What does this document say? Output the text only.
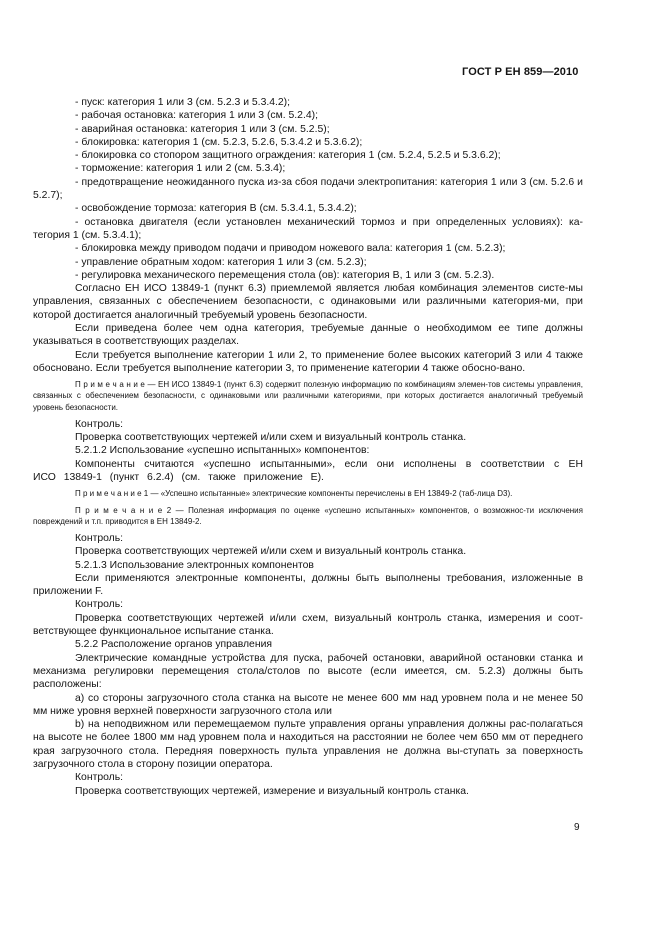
ГОСТ Р ЕН 859—2010

- пуск: категория 1 или 3 (см. 5.2.3 и 5.3.4.2);

- рабочая остановка: категория 1 или 3 (см. 5.2.4);

- аварийная остановка: категория 1 или 3 (см. 5.2.5);

- блокировка: категория 1 (см. 5.2.3, 5.2.6, 5.3.4.2 и 5.3.6.2);

- блокировка со стопором защитного ограждения: категория 1 (см. 5.2.4, 5.2.5 и 5.3.6.2);

- торможение: категория 1 или 2 (см. 5.3.4);

- предотвращение неожиданного пуска из-за сбоя подачи электропитания: категория 1 или 3 (см. 5.2.6 и 5.2.7);

- освобождение тормоза: категория В (см. 5.3.4.1, 5.3.4.2);

- остановка двигателя (если установлен механический тормоз и при определенных условиях): ка-тегория 1 (см. 5.3.4.1);

- блокировка между приводом подачи и приводом ножевого вала: категория 1 (см. 5.2.3);

- управление обратным ходом: категория 1 или 3 (см. 5.2.3);

- регулировка механического перемещения стола (ов): категория В, 1 или 3 (см. 5.2.3).

Согласно ЕН ИСО 13849-1 (пункт 6.3) приемлемой является любая комбинация элементов систе-мы управления, связанных с обеспечением безопасности, с одинаковыми или различными категория-ми, при которой достигается аналогичный требуемый уровень безопасности.

Если приведена более чем одна категория, требуемые данные о необходимом ее типе должны указываться в соответствующих разделах.

Если требуется выполнение категории 1 или 2, то применение более высоких категорий 3 или 4 также обосновано. Если требуется выполнение категории 3, то применение категории 4 также обосно-вано.

П р и м е ч а н и е — ЕН ИСО 13849-1 (пункт 6.3) содержит полезную информацию по комбинациям элемен-тов системы управления, связанных с обеспечением безопасности, с одинаковыми или различными категориями, при которых достигается аналогичный требуемый уровень безопасности.

Контроль:

Проверка соответствующих чертежей и/или схем и визуальный контроль станка.

5.2.1.2 Использование «успешно испытанных» компонентов:

Компоненты считаются «успешно испытанными», если они исполнены в соответствии с ЕН ИСО 13849-1 (пункт 6.2.4) (см. также приложение Е).

П р и м е ч а н и е 1 — «Успешно испытанные» электрические компоненты перечислены в ЕН 13849-2 (таб-лица D3).

П р и м е ч а н и е 2 — Полезная информация по оценке «успешно испытанных» компонентов, о возможнос-ти исключения повреждений и т.п. приводится в ЕН 13849-2.

Контроль:

Проверка соответствующих чертежей и/или схем и визуальный контроль станка.

5.2.1.3 Использование электронных компонентов

Если применяются электронные компоненты, должны быть выполнены требования, изложенные в приложении F.

Контроль:

Проверка соответствующих чертежей и/или схем, визуальный контроль станка, измерения и соот-ветствующее функциональное испытание станка.

5.2.2 Расположение органов управления

Электрические командные устройства для пуска, рабочей остановки, аварийной остановки станка и механизма регулировки перемещения стола/столов по высоте (если имеется, см. 5.2.3) должны быть расположены:

a) со стороны загрузочного стола станка на высоте не менее 600 мм над уровнем пола и не менее 50 мм ниже уровня верхней поверхности загрузочного стола или

b) на неподвижном или перемещаемом пульте управления органы управления должны рас-полагаться на высоте не более 1800 мм над уровнем пола и находиться на расстоянии не более чем 650 мм от переднего края загрузочного стола. Передняя поверхность пульта управления не должна вы-ступать за поверхность загрузочного стола в сторону позиции оператора.

Контроль:

Проверка соответствующих чертежей, измерение и визуальный контроль станка.

9
